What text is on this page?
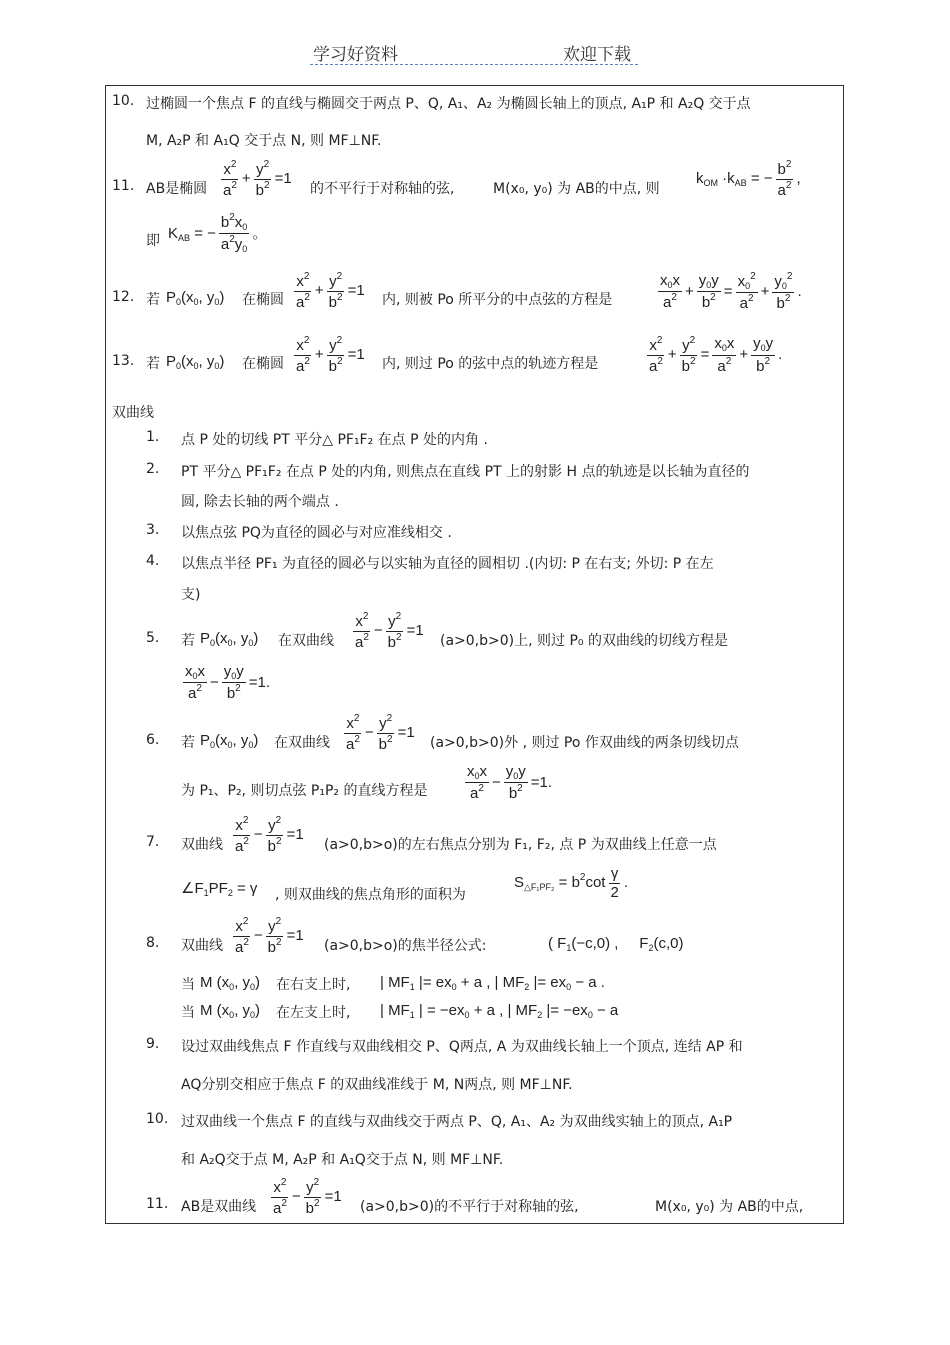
学习好资料	欢迎下载
10. 过椭圆一个焦点 F 的直线与椭圆交于两点 P、Q, A₁、A₂ 为椭圆长轴上的顶点, A₁P 和 A₂Q 交于点
M, A₂P 和 A₁Q 交于点 N, 则 MF⊥NF.
11. AB是椭圆 $\frac{x^2}{a^2} + \frac{y^2}{b^2} =1$
的不平行于对称轴的弦,	M(x₀, y₀) 为 AB的中点, 则
$k_{OM} \cdot k_{AB}$ = − $\frac{b^2}{a^2}$ ,
即 $K_{AB}$ = − $\frac{b^2x_0}{a^2y_0}$ 。
12. 若 $P_0(x_0$, $y_0$) 在椭圆 $\frac{x^2}{a^2} + \frac{y^2}{b^2} =1$
内, 则被 Po 所平分的中点弦的方程是	$\frac{x_0x}{a^2} + \frac{y_0y}{b^2} = \frac{x_0^2}{a^2} + \frac{y_0^2}{b^2}$ .
13. 若 $P_0(x_0$, $y_0$) 在椭圆 $\frac{x^2}{a^2} + \frac{y^2}{b^2} =1$
内, 则过 Po 的弦中点的轨迹方程是	$\frac{x^2}{a^2} + \frac{y^2}{b^2} = \frac{x_0x}{a^2} + \frac{y_0y}{b^2}$ .
双曲线
1. 点 P 处的切线 PT 平分△ PF₁F₂ 在点 P 处的内角 .
2. PT 平分△ PF₁F₂ 在点 P 处的内角, 则焦点在直线 PT 上的射影 H 点的轨迹是以长轴为直径的
圆, 除去长轴的两个端点 .
3. 以焦点弦 PQ为直径的圆必与对应准线相交 .
4. 以焦点半径 PF₁ 为直径的圆必与以实轴为直径的圆相切 .(内切: P 在右支; 外切: P 在左
支)
5. 若 $P_0(x_0$, $y_0$) 在双曲线 $\frac{x^2}{a^2} - \frac{y^2}{b^2} =1$
(a>0,b>0)上, 则过 P₀ 的双曲线的切线方程是
$\frac{x_0x}{a^2} - \frac{y_0y}{b^2} =1$.
6. 若 $P_0(x_0$, $y_0$) 在双曲线 $\frac{x^2}{a^2} - \frac{y^2}{b^2} =1$
(a>0,b>0)外 , 则过 Po 作双曲线的两条切线切点
为 P₁、P₂, 则切点弦 P₁P₂ 的直线方程是	$\frac{x_0x}{a^2} - \frac{y_0y}{b^2} =1$.
7. 双曲线 $\frac{x^2}{a^2} - \frac{y^2}{b^2} =1$
(a>0,b>o)的左右焦点分别为 F₁, F₂, 点 P 为双曲线上任意一点
$\angle F_1PF_2 = \gamma$ , 则双曲线的焦点角形的面积为
$S_{\triangle F_1PF_2} = b^2\cot \frac{\gamma}{2}$ .
8. 双曲线 $\frac{x^2}{a^2} - \frac{y^2}{b^2} =1$
(a>0,b>o)的焦半径公式:	( $F_1(-c,0)$ ,     $F_2(c,0)$
当 M ($x_0$, $y_0$) 在右支上时, | $MF_1$ |= $ex_0 + a$ , | $MF_2$ |= $ex_0 - a$ .
当 M ($x_0$, $y_0$) 在左支上时, | $MF_1$ | = $-ex_0 + a$ , | $MF_2$ |= $-ex_0 - a$
9. 设过双曲线焦点 F 作直线与双曲线相交 P、Q两点, A 为双曲线长轴上一个顶点, 连结 AP 和
AQ分别交相应于焦点 F 的双曲线准线于 M, N两点, 则 MF⊥NF.
10. 过双曲线一个焦点 F 的直线与双曲线交于两点 P、Q, A₁、A₂ 为双曲线实轴上的顶点, A₁P
和 A₂Q交于点 M, A₂P 和 A₁Q交于点 N, 则 MF⊥NF.
11. AB是双曲线 $\frac{x^2}{a^2} - \frac{y^2}{b^2} =1$
(a>0,b>0)的不平行于对称轴的弦,	M(x₀, y₀) 为 AB的中点,
